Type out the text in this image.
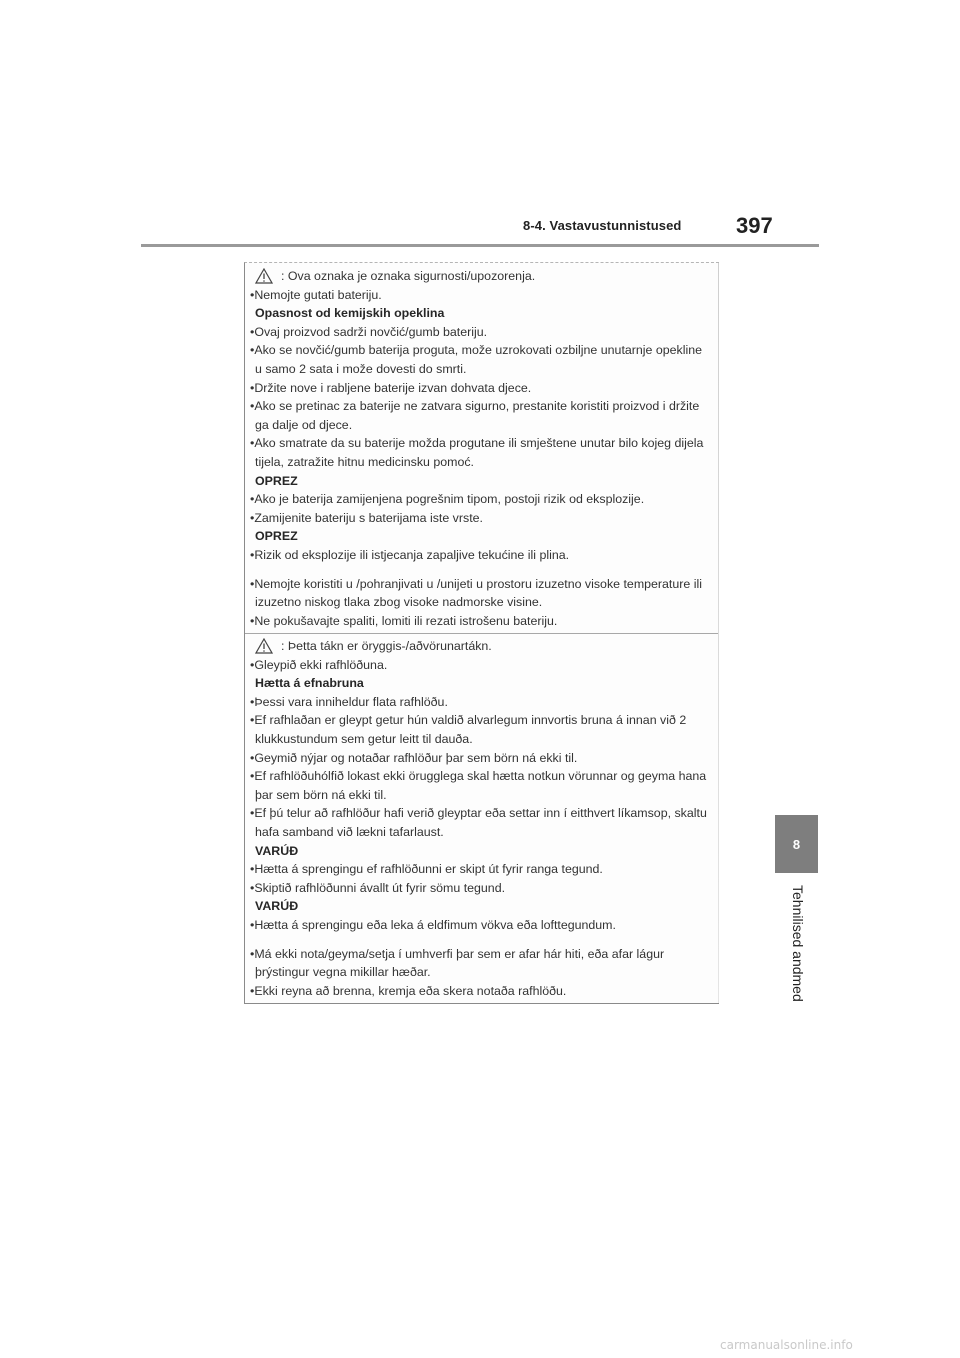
8-4. Vastavustunnistused 397
8
Tehnilised andmed
: Ova oznaka je oznaka sigurnosti/upozorenja.
•Nemojte gutati bateriju.
Opasnost od kemijskih opeklina
•Ovaj proizvod sadrži novčić/gumb bateriju.
•Ako se novčić/gumb baterija proguta, može uzrokovati ozbiljne unutarnje opekline u samo 2 sata i može dovesti do smrti.
•Držite nove i rabljene baterije izvan dohvata djece.
•Ako se pretinac za baterije ne zatvara sigurno, prestanite koristiti proizvod i držite ga dalje od djece.
•Ako smatrate da su baterije možda progutane ili smještene unutar bilo kojeg dijela tijela, zatražite hitnu medicinsku pomoć.
OPREZ
•Ako je baterija zamijenjena pogrešnim tipom, postoji rizik od eksplozije.
•Zamijenite bateriju s baterijama iste vrste.
OPREZ
•Rizik od eksplozije ili istjecanja zapaljive tekućine ili plina.
•Nemojte koristiti u /pohranjivati u /unijeti u prostoru izuzetno visoke temperature ili izuzetno niskog tlaka zbog visoke nadmorske visine.
•Ne pokušavajte spaliti, lomiti ili rezati istrošenu bateriju.
: Þetta tákn er öryggis-/aðvörunartákn.
•Gleypið ekki rafhlöðuna.
Hætta á efnabruna
•Þessi vara inniheldur flata rafhlöðu.
•Ef rafhlaðan er gleypt getur hún valdið alvarlegum innvortis bruna á innan við 2 klukkustundum sem getur leitt til dauða.
•Geymið nýjar og notaðar rafhlöður þar sem börn ná ekki til.
•Ef rafhlöðuhólfið lokast ekki örugglega skal hætta notkun vörunnar og geyma hana þar sem börn ná ekki til.
•Ef þú telur að rafhlöður hafi verið gleyptar eða settar inn í eitthvert líkamsop, skaltu hafa samband við lækni tafarlaust.
VARÚÐ
•Hætta á sprengingu ef rafhlöðunni er skipt út fyrir ranga tegund.
•Skiptið rafhlöðunni ávallt út fyrir sömu tegund.
VARÚÐ
•Hætta á sprengingu eða leka á eldfimum vökva eða lofttegundum.
•Má ekki nota/geyma/setja í umhverfi þar sem er afar hár hiti, eða afar lágur þrýstingur vegna mikillar hæðar.
•Ekki reyna að brenna, kremja eða skera notaða rafhlöðu.
carmanualsonline.info
